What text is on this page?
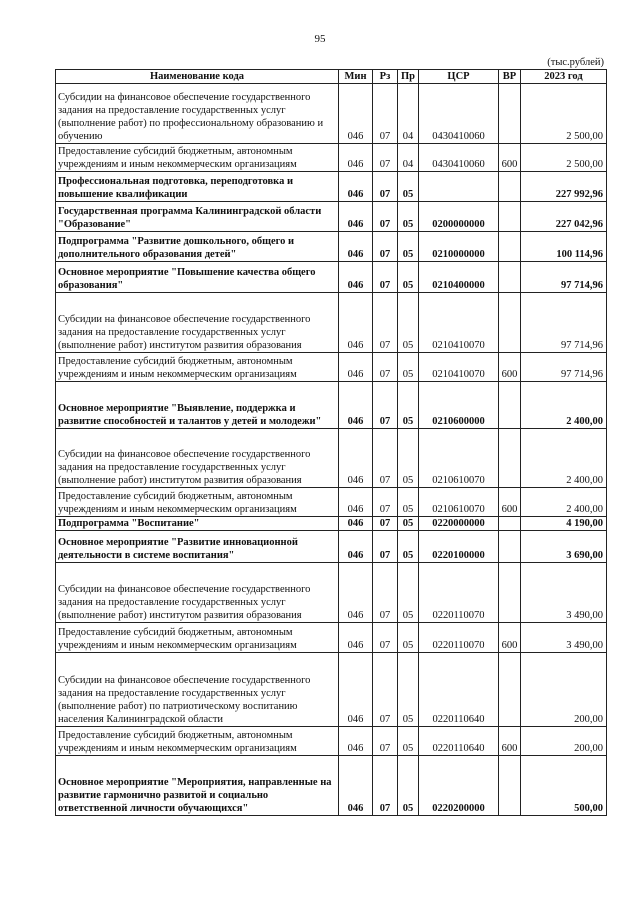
95
(тыс.рублей)
Наименование кода	Мин	Рз	Пр	ЦСР	ВР	2023 год
Субсидии на финансовое обеспечение государственного задания на предоставление государственных услуг (выполнение работ) по профессиональному образованию и обучению	046	07	04	0430410060		2 500,00
Предоставление субсидий бюджетным, автономным учреждениям и иным некоммерческим организациям	046	07	04	0430410060	600	2 500,00
Профессиональная подготовка, переподготовка и повышение квалификации	046	07	05			227 992,96
Государственная программа Калининградской области "Образование"	046	07	05	0200000000		227 042,96
Подпрограмма "Развитие дошкольного, общего и дополнительного образования детей"	046	07	05	0210000000		100 114,96
Основное мероприятие "Повышение качества общего образования"	046	07	05	0210400000		97 714,96
Субсидии на финансовое обеспечение государственного задания на предоставление государственных услуг (выполнение работ) институтом развития образования	046	07	05	0210410070		97 714,96
Предоставление субсидий бюджетным, автономным учреждениям и иным некоммерческим организациям	046	07	05	0210410070	600	97 714,96
Основное мероприятие "Выявление, поддержка и развитие способностей и талантов у детей и молодежи"	046	07	05	0210600000		2 400,00
Субсидии на финансовое обеспечение государственного задания на предоставление государственных услуг (выполнение работ) институтом развития образования	046	07	05	0210610070		2 400,00
Предоставление субсидий бюджетным, автономным учреждениям и иным некоммерческим организациям	046	07	05	0210610070	600	2 400,00
Подпрограмма "Воспитание"	046	07	05	0220000000		4 190,00
Основное мероприятие "Развитие инновационной деятельности в системе воспитания"	046	07	05	0220100000		3 690,00
Субсидии на финансовое обеспечение государственного задания на предоставление государственных услуг (выполнение работ) институтом развития образования	046	07	05	0220110070		3 490,00
Предоставление субсидий бюджетным, автономным учреждениям и иным некоммерческим организациям	046	07	05	0220110070	600	3 490,00
Субсидии на финансовое обеспечение государственного задания на предоставление государственных услуг (выполнение работ) по патриотическому воспитанию населения Калининградской области	046	07	05	0220110640		200,00
Предоставление субсидий бюджетным, автономным учреждениям и иным некоммерческим организациям	046	07	05	0220110640	600	200,00
Основное мероприятие "Мероприятия, направленные на развитие гармонично развитой и социально ответственной личности обучающихся"	046	07	05	0220200000		500,00
